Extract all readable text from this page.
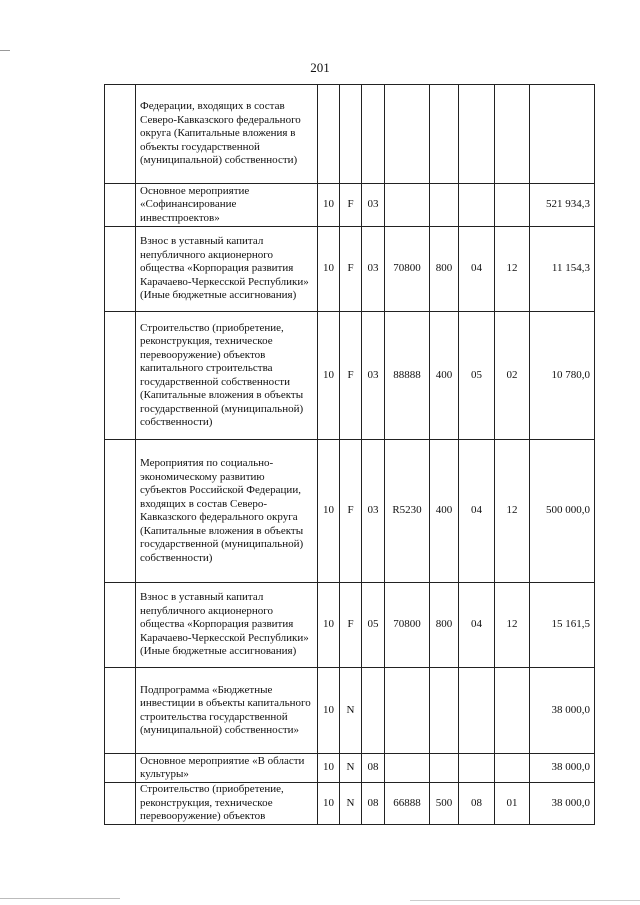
201

	Федерации, входящих в состав Северо-Кавказского федерального округа (Капитальные вложения в объекты государственной (муниципальной) собственности)								

	Основное мероприятие «Софинансирование инвестпроектов»	10	F	03					521 934,3

	Взнос в уставный капитал непубличного акционерного общества «Корпорация развития Карачаево-Черкесской Республики» (Иные бюджетные ассигнования)	10	F	03	70800	800	04	12	11 154,3

	Строительство (приобретение, реконструкция, техническое перевооружение) объектов капитального строительства государственной собственности (Капитальные вложения в объекты государственной (муниципальной) собственности)	10	F	03	88888	400	05	02	10 780,0

	Мероприятия по социально-экономическому развитию субъектов Российской Федерации, входящих в состав Северо-Кавказского федерального округа (Капитальные вложения в объекты государственной (муниципальной) собственности)	10	F	03	R5230	400	04	12	500 000,0

	Взнос в уставный капитал непубличного акционерного общества «Корпорация развития Карачаево-Черкесской Республики» (Иные бюджетные ассигнования)	10	F	05	70800	800	04	12	15 161,5

	Подпрограмма «Бюджетные инвестиции в объекты капитального строительства государственной (муниципальной) собственности»	10	N						38 000,0

	Основное мероприятие «В области культуры»	10	N	08					38 000,0

	Строительство (приобретение, реконструкция, техническое перевооружение) объектов	10	N	08	66888	500	08	01	38 000,0
